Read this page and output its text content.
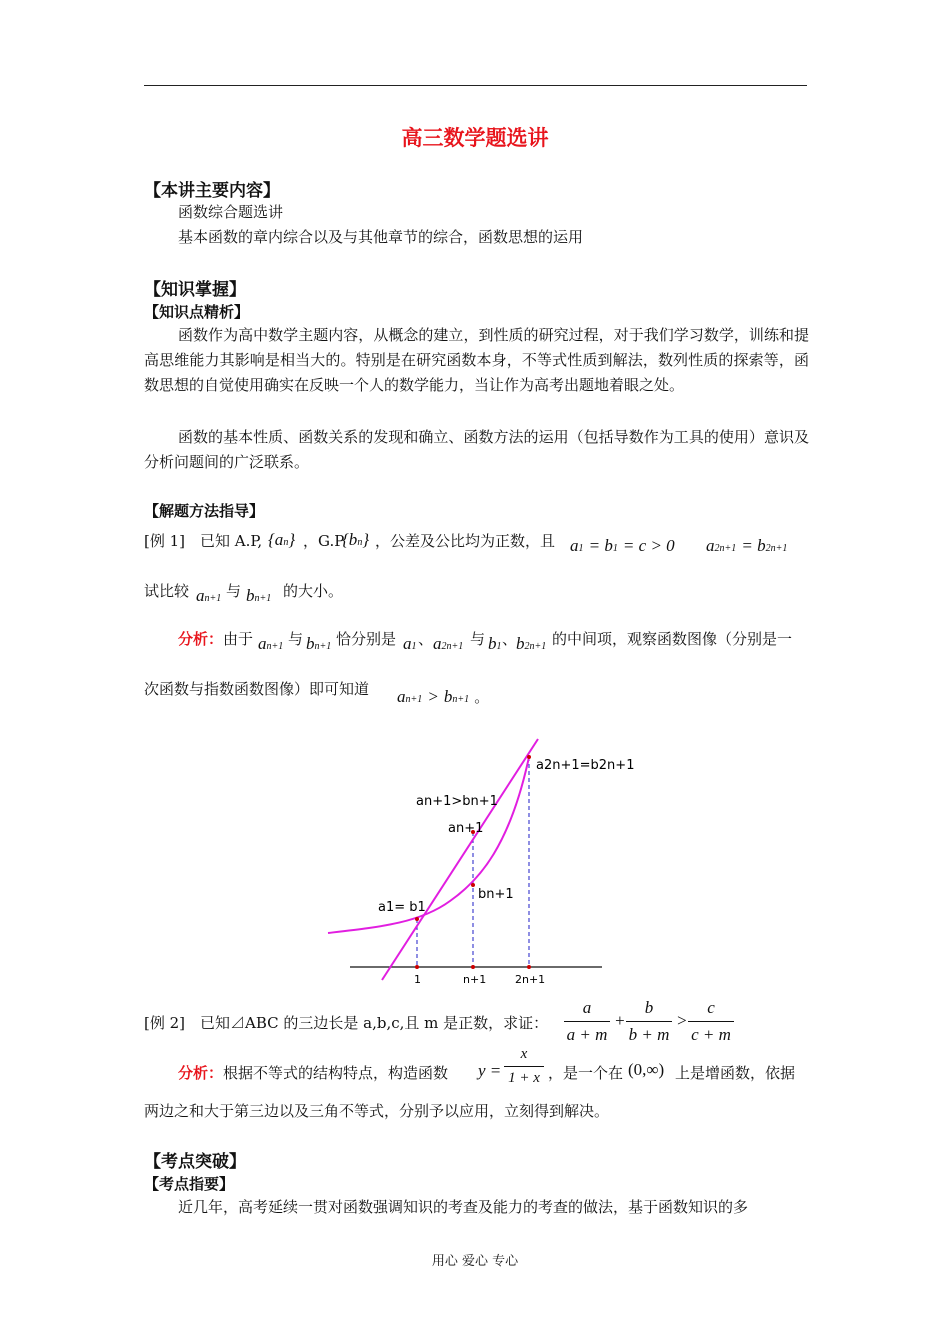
高三数学题选讲
【本讲主要内容】
函数综合题选讲
基本函数的章内综合以及与其他章节的综合，函数思想的运用
【知识掌握】
【知识点精析】
函数作为高中数学主题内容，从概念的建立，到性质的研究过程，对于我们学习数学，训练和提高思维能力其影响是相当大的。特别是在研究函数本身，不等式性质到解法，数列性质的探索等，函数思想的自觉使用确实在反映一个人的数学能力，当让作为高考出题地着眼之处。
函数的基本性质、函数关系的发现和确立、函数方法的运用（包括导数作为工具的使用）意识及分析问题间的广泛联系。
【解题方法指导】
[例 1] 已知 A.P, {an} ，G.P
{bn} ，公差及公比均为正数，且 a1 = b1 = c > 0 a2n+1 = b2n+1
试比较 an+1 与 bn+1 的大小。
分析：由于 an+1 与 bn+1 恰分别是 a1 、 a2n+1 与 b1 、
b2n+1 的中间项，观察函数图像（分别是一
次函数与指数函数图像）即可知道 an+1 > bn+1 。
a2n+1=b2n+1
an+1>bn+1
an+1
bn+1
a1= b1
1	n+1	2n+1
[例 2] 已知⊿ABC 的三边长是 a,b,c,且 m 是正数，求证：
a
a + m
+
b
b + m
>
c
c + m
分析：根据不等式的结构特点，构造函数 y =
x
1 + x ，是一个在 (0,∞) 上是增函数，依据
两边之和大于第三边以及三角不等式，分别予以应用，立刻得到解决。
【考点突破】
【考点指要】
近几年，高考延续一贯对函数强调知识的考查及能力的考查的做法，基于函数知识的多
用心 爱心 专心
